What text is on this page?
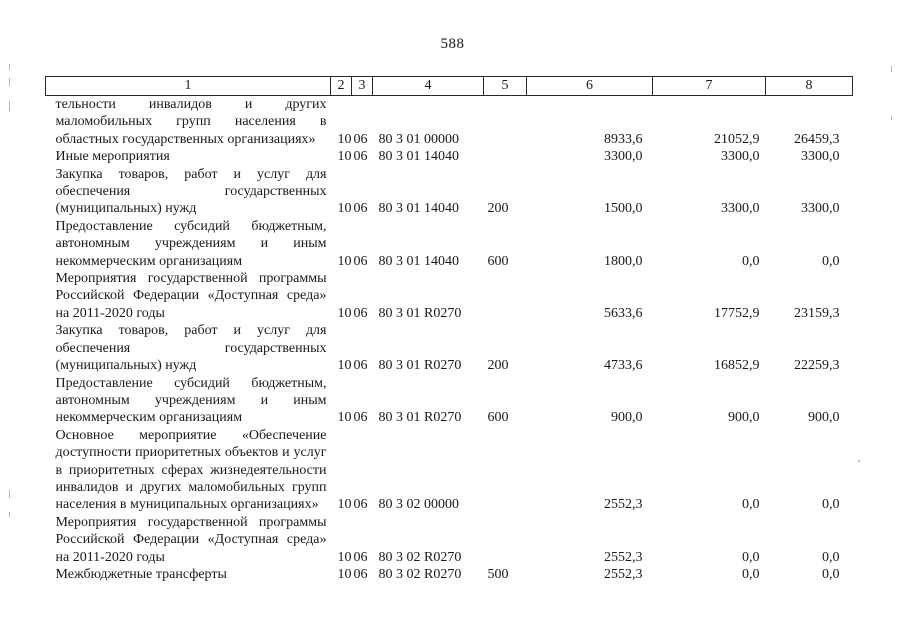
588
1	2	3	4	5	6	7	8
тельности инвалидов и других маломобильных групп населения в областных государственных организациях»	10	06	80 3 01 00000		8933,6	21052,9	26459,3
Иные мероприятия	10	06	80 3 01 14040		3300,0	3300,0	3300,0
Закупка товаров, работ и услуг для обеспечения государственных (муниципальных) нужд	10	06	80 3 01 14040	200	1500,0	3300,0	3300,0
Предоставление субсидий бюджетным, автономным учреждениям и иным некоммерческим организациям	10	06	80 3 01 14040	600	1800,0	0,0	0,0
Мероприятия государственной программы Российской Федерации «Доступная среда» на 2011-2020 годы	10	06	80 3 01 R0270		5633,6	17752,9	23159,3
Закупка товаров, работ и услуг для обеспечения государственных (муниципальных) нужд	10	06	80 3 01 R0270	200	4733,6	16852,9	22259,3
Предоставление субсидий бюджетным, автономным учреждениям и иным некоммерческим организациям	10	06	80 3 01 R0270	600	900,0	900,0	900,0
Основное мероприятие «Обеспечение доступности приоритетных объектов и услуг в приоритетных сферах жизнедеятельности инвалидов и других маломобильных групп населения в муниципальных организациях»	10	06	80 3 02 00000		2552,3	0,0	0,0
Мероприятия государственной программы Российской Федерации «Доступная среда» на 2011-2020 годы	10	06	80 3 02 R0270		2552,3	0,0	0,0
Межбюджетные трансферты	10	06	80 3 02 R0270	500	2552,3	0,0	0,0
